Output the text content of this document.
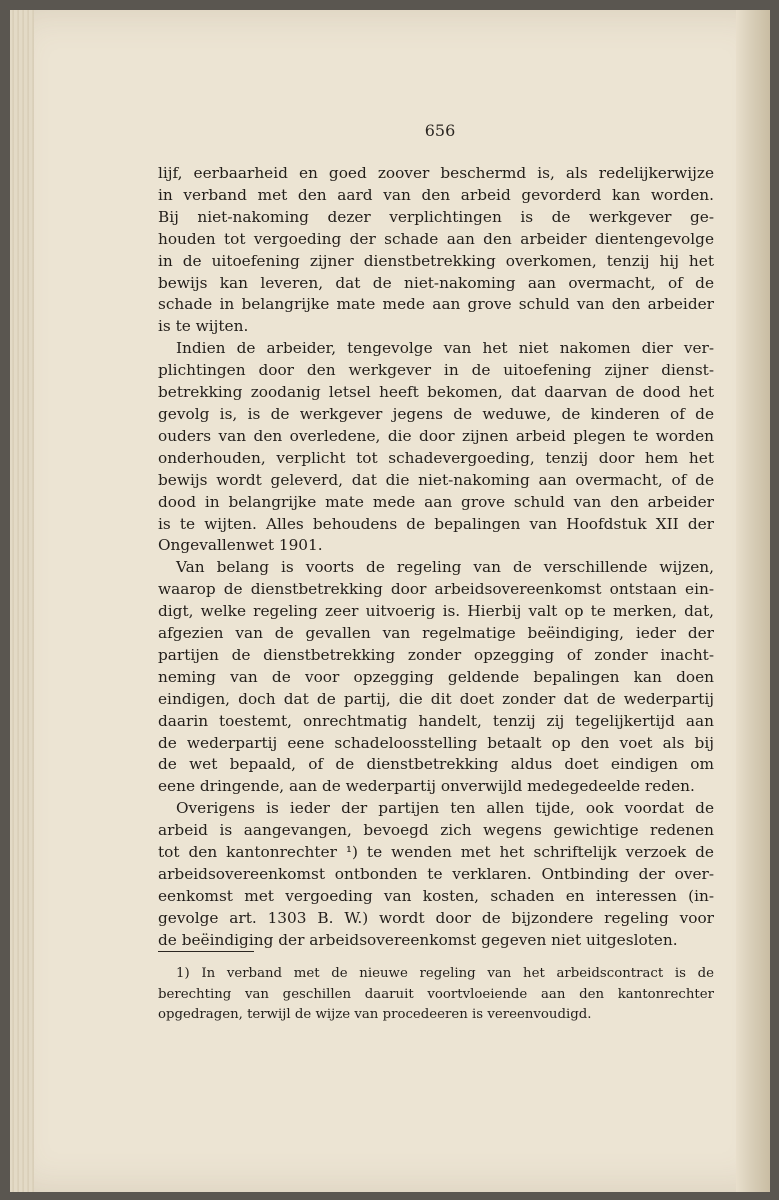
656
lijf, eerbaarheid en goed zoover beschermd is, als redelijkerwijze
in verband met den aard van den arbeid gevorderd kan worden.
Bij niet-nakoming dezer verplichtingen is de werkgever ge-
houden tot vergoeding der schade aan den arbeider dientengevolge
in de uitoefening zijner dienstbetrekking overkomen, tenzij hij het
bewijs kan leveren, dat de niet-nakoming aan overmacht, of de
schade in belangrijke mate mede aan grove schuld van den arbeider
is te wijten.
Indien de arbeider, tengevolge van het niet nakomen dier ver-
plichtingen door den werkgever in de uitoefening zijner dienst-
betrekking zoodanig letsel heeft bekomen, dat daarvan de dood het
gevolg is, is de werkgever jegens de weduwe, de kinderen of de
ouders van den overledene, die door zijnen arbeid plegen te worden
onderhouden, verplicht tot schadevergoeding, tenzij door hem het
bewijs wordt geleverd, dat die niet-nakoming aan overmacht, of de
dood in belangrijke mate mede aan grove schuld van den arbeider
is te wijten. Alles behoudens de bepalingen van Hoofdstuk XII der
Ongevallenwet 1901.
Van belang is voorts de regeling van de verschillende wijzen,
waarop de dienstbetrekking door arbeidsovereenkomst ontstaan ein-
digt, welke regeling zeer uitvoerig is. Hierbij valt op te merken, dat,
afgezien van de gevallen van regelmatige beëindiging, ieder der
partijen de dienstbetrekking zonder opzegging of zonder inacht-
neming van de voor opzegging geldende bepalingen kan doen
eindigen, doch dat de partij, die dit doet zonder dat de wederpartij
daarin toestemt, onrechtmatig handelt, tenzij zij tegelijkertijd aan
de wederpartij eene schadeloosstelling betaalt op den voet als bij
de wet bepaald, of de dienstbetrekking aldus doet eindigen om
eene dringende, aan de wederpartij onverwijld medegedeelde reden.
Overigens is ieder der partijen ten allen tijde, ook voordat de
arbeid is aangevangen, bevoegd zich wegens gewichtige redenen
tot den kantonrechter ¹) te wenden met het schriftelijk verzoek de
arbeidsovereenkomst ontbonden te verklaren. Ontbinding der over-
eenkomst met vergoeding van kosten, schaden en interessen (in-
gevolge art. 1303 B. W.) wordt door de bijzondere regeling voor
de beëindiging der arbeidsovereenkomst gegeven niet uitgesloten.
1) In verband met de nieuwe regeling van het arbeidscontract is de
berechting van geschillen daaruit voortvloeiende aan den kantonrechter
opgedragen, terwijl de wijze van procedeeren is vereenvoudigd.
